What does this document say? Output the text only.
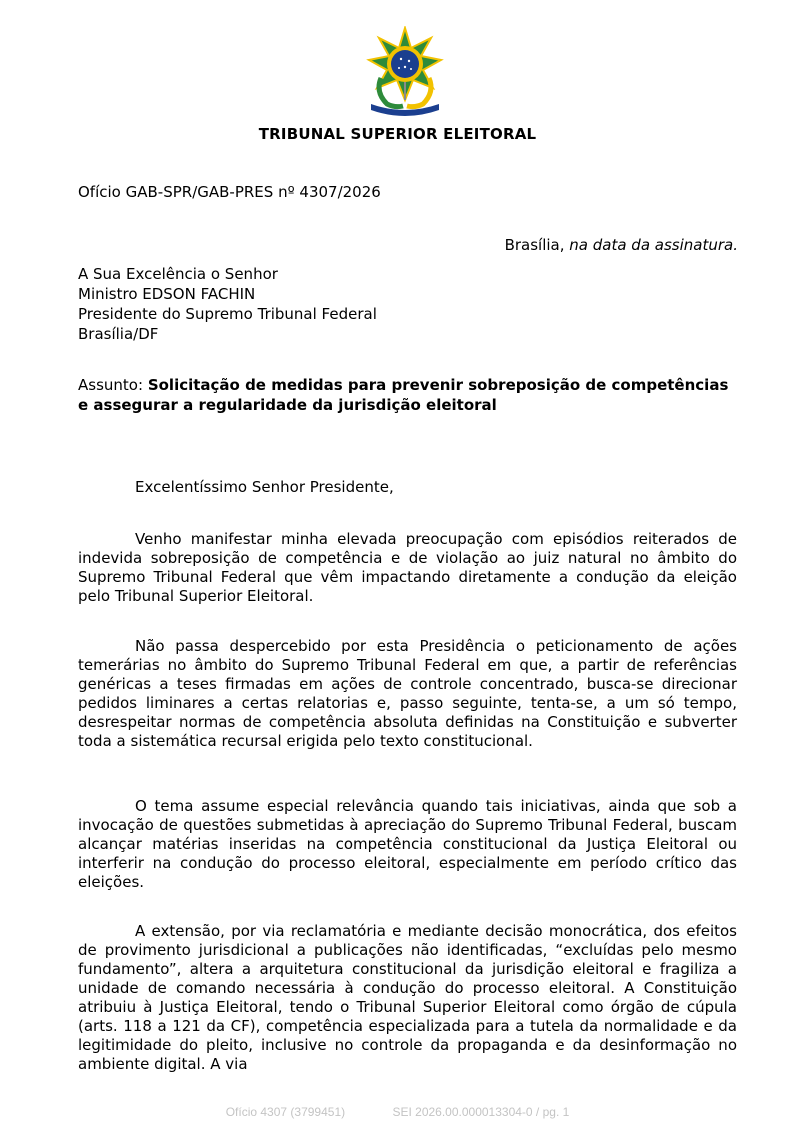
TRIBUNAL SUPERIOR ELEITORAL
Ofício GAB-SPR/GAB-PRES nº 4307/2026
Brasília, na data da assinatura.
A Sua Excelência o Senhor
Ministro EDSON FACHIN
Presidente do Supremo Tribunal Federal
Brasília/DF
Assunto: Solicitação de medidas para prevenir sobreposição de competências e assegurar a regularidade da jurisdição eleitoral
Excelentíssimo Senhor Presidente,

Venho manifestar minha elevada preocupação com episódios reiterados de indevida sobreposição de competência e de violação ao juiz natural no âmbito do Supremo Tribunal Federal que vêm impactando diretamente a condução da eleição pelo Tribunal Superior Eleitoral.

Não passa despercebido por esta Presidência o peticionamento de ações temerárias no âmbito do Supremo Tribunal Federal em que, a partir de referências genéricas a teses firmadas em ações de controle concentrado, busca-se direcionar pedidos liminares a certas relatorias e, passo seguinte, tenta-se, a um só tempo, desrespeitar normas de competência absoluta definidas na Constituição e subverter toda a sistemática recursal erigida pelo texto constitucional.

O tema assume especial relevância quando tais iniciativas, ainda que sob a invocação de questões submetidas à apreciação do Supremo Tribunal Federal, buscam alcançar matérias inseridas na competência constitucional da Justiça Eleitoral ou interferir na condução do processo eleitoral, especialmente em período crítico das eleições.

A extensão, por via reclamatória e mediante decisão monocrática, dos efeitos de provimento jurisdicional a publicações não identificadas, “excluídas pelo mesmo fundamento”, altera a arquitetura constitucional da jurisdição eleitoral e fragiliza a unidade de comando necessária à condução do processo eleitoral. A Constituição atribuiu à Justiça Eleitoral, tendo o Tribunal Superior Eleitoral como órgão de cúpula (arts. 118 a 121 da CF), competência especializada para a tutela da normalidade e da legitimidade do pleito, inclusive no controle da propaganda e da desinformação no ambiente digital. A via

Ofício 4307 (3799451)	SEI 2026.00.000013304-0 / pg. 1
